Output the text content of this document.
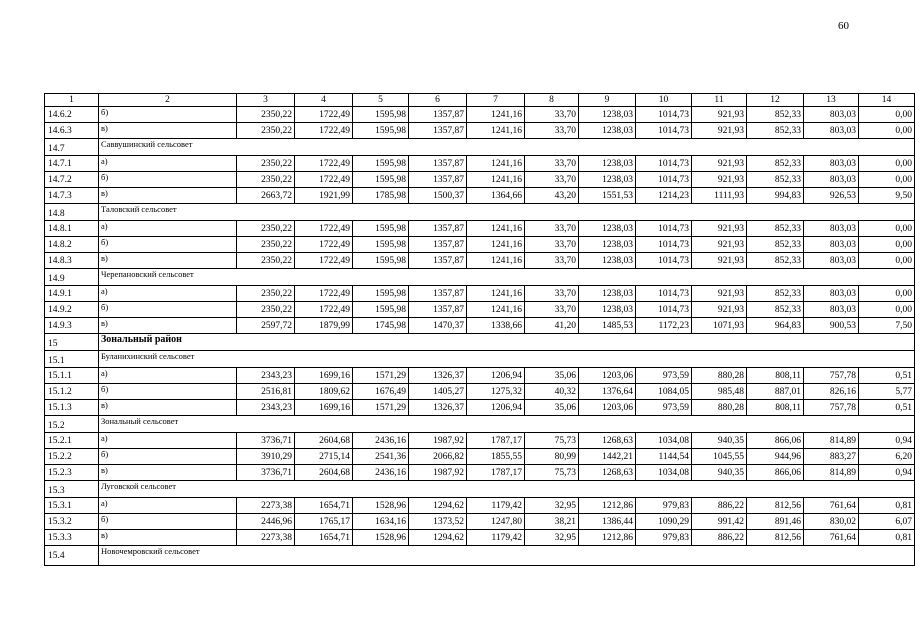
60
1	2	3	4	5	6	7	8	9	10	11	12	13	14
14.6.2	б)	2350,22	1722,49	1595,98	1357,87	1241,16	33,70	1238,03	1014,73	921,93	852,33	803,03	0,00
14.6.3	в)	2350,22	1722,49	1595,98	1357,87	1241,16	33,70	1238,03	1014,73	921,93	852,33	803,03	0,00
14.7	Саввушинский сельсовет												
14.7.1	а)	2350,22	1722,49	1595,98	1357,87	1241,16	33,70	1238,03	1014,73	921,93	852,33	803,03	0,00
14.7.2	б)	2350,22	1722,49	1595,98	1357,87	1241,16	33,70	1238,03	1014,73	921,93	852,33	803,03	0,00
14.7.3	в)	2663,72	1921,99	1785,98	1500,37	1364,66	43,20	1551,53	1214,23	1111,93	994,83	926,53	9,50
14.8	Таловский сельсовет												
14.8.1	а)	2350,22	1722,49	1595,98	1357,87	1241,16	33,70	1238,03	1014,73	921,93	852,33	803,03	0,00
14.8.2	б)	2350,22	1722,49	1595,98	1357,87	1241,16	33,70	1238,03	1014,73	921,93	852,33	803,03	0,00
14.8.3	в)	2350,22	1722,49	1595,98	1357,87	1241,16	33,70	1238,03	1014,73	921,93	852,33	803,03	0,00
14.9	Черепановский сельсовет												
14.9.1	а)	2350,22	1722,49	1595,98	1357,87	1241,16	33,70	1238,03	1014,73	921,93	852,33	803,03	0,00
14.9.2	б)	2350,22	1722,49	1595,98	1357,87	1241,16	33,70	1238,03	1014,73	921,93	852,33	803,03	0,00
14.9.3	в)	2597,72	1879,99	1745,98	1470,37	1338,66	41,20	1485,53	1172,23	1071,93	964,83	900,53	7,50
15	Зональный район												
15.1	Буланихинский сельсовет												
15.1.1	а)	2343,23	1699,16	1571,29	1326,37	1206,94	35,06	1203,06	973,59	880,28	808,11	757,78	0,51
15.1.2	б)	2516,81	1809,62	1676,49	1405,27	1275,32	40,32	1376,64	1084,05	985,48	887,01	826,16	5,77
15.1.3	в)	2343,23	1699,16	1571,29	1326,37	1206,94	35,06	1203,06	973,59	880,28	808,11	757,78	0,51
15.2	Зональный сельсовет												
15.2.1	а)	3736,71	2604,68	2436,16	1987,92	1787,17	75,73	1268,63	1034,08	940,35	866,06	814,89	0,94
15.2.2	б)	3910,29	2715,14	2541,36	2066,82	1855,55	80,99	1442,21	1144,54	1045,55	944,96	883,27	6,20
15.2.3	в)	3736,71	2604,68	2436,16	1987,92	1787,17	75,73	1268,63	1034,08	940,35	866,06	814,89	0,94
15.3	Луговской сельсовет												
15.3.1	а)	2273,38	1654,71	1528,96	1294,62	1179,42	32,95	1212,86	979,83	886,22	812,56	761,64	0,81
15.3.2	б)	2446,96	1765,17	1634,16	1373,52	1247,80	38,21	1386,44	1090,29	991,42	891,46	830,02	6,07
15.3.3	в)	2273,38	1654,71	1528,96	1294,62	1179,42	32,95	1212,86	979,83	886,22	812,56	761,64	0,81
15.4	Новочемровский сельсовет												
